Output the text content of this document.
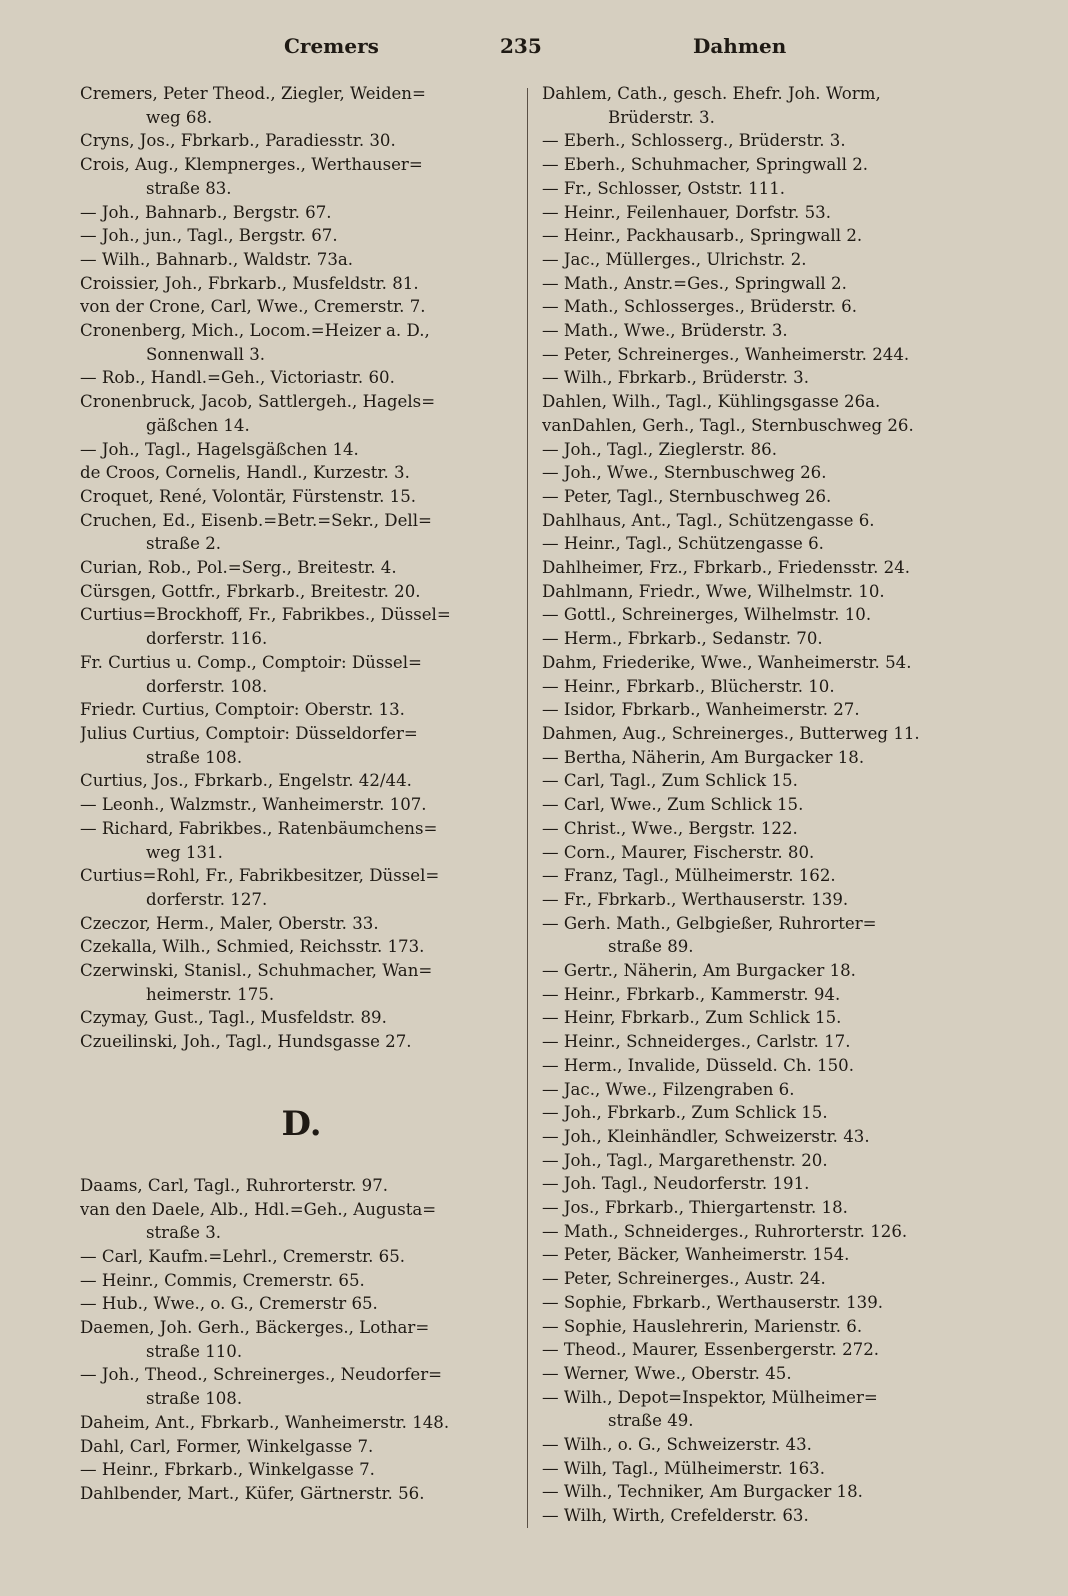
Cremers	235	Dahmen
Cremers, Peter Theod., Ziegler, Weiden=
weg 68.
Cryns, Jos., Fbrkarb., Paradiesstr. 30.
Crois, Aug., Klempnerges., Werthauser=
straße 83.
— Joh., Bahnarb., Bergstr. 67.
— Joh., jun., Tagl., Bergstr. 67.
— Wilh., Bahnarb., Waldstr. 73a.
Croissier, Joh., Fbrkarb., Musfeldstr. 81.
von der Crone, Carl, Wwe., Cremerstr. 7.
Cronenberg, Mich., Locom.=Heizer a. D.,
Sonnenwall 3.
— Rob., Handl.=Geh., Victoriastr. 60.
Cronenbruck, Jacob, Sattlergeh., Hagels=
gäßchen 14.
— Joh., Tagl., Hagelsgäßchen 14.
de Croos, Cornelis, Handl., Kurzestr. 3.
Croquet, René, Volontär, Fürstenstr. 15.
Cruchen, Ed., Eisenb.=Betr.=Sekr., Dell=
straße 2.
Curian, Rob., Pol.=Serg., Breitestr. 4.
Cürsgen, Gottfr., Fbrkarb., Breitestr. 20.
Curtius=Brockhoff, Fr., Fabrikbes., Düssel=
dorferstr. 116.
Fr. Curtius u. Comp., Comptoir: Düssel=
dorferstr. 108.
Friedr. Curtius, Comptoir: Oberstr. 13.
Julius Curtius, Comptoir: Düsseldorfer=
straße 108.
Curtius, Jos., Fbrkarb., Engelstr. 42/44.
— Leonh., Walzmstr., Wanheimerstr. 107.
— Richard, Fabrikbes., Ratenbäumchens=
weg 131.
Curtius=Rohl, Fr., Fabrikbesitzer, Düssel=
dorferstr. 127.
Czeczor, Herm., Maler, Oberstr. 33.
Czekalla, Wilh., Schmied, Reichsstr. 173.
Czerwinski, Stanisl., Schuhmacher, Wan=
heimerstr. 175.
Czymay, Gust., Tagl., Musfeldstr. 89.
Czueilinski, Joh., Tagl., Hundsgasse 27.
D.
Daams, Carl, Tagl., Ruhrorterstr. 97.
van den Daele, Alb., Hdl.=Geh., Augusta=
straße 3.
— Carl, Kaufm.=Lehrl., Cremerstr. 65.
— Heinr., Commis, Cremerstr. 65.
— Hub., Wwe., o. G., Cremerstr 65.
Daemen, Joh. Gerh., Bäckerges., Lothar=
straße 110.
— Joh., Theod., Schreinerges., Neudorfer=
straße 108.
Daheim, Ant., Fbrkarb., Wanheimerstr. 148.
Dahl, Carl, Former, Winkelgasse 7.
— Heinr., Fbrkarb., Winkelgasse 7.
Dahlbender, Mart., Küfer, Gärtnerstr. 56.
Dahlem, Cath., gesch. Ehefr. Joh. Worm,
Brüderstr. 3.
— Eberh., Schlosserg., Brüderstr. 3.
— Eberh., Schuhmacher, Springwall 2.
— Fr., Schlosser, Oststr. 111.
— Heinr., Feilenhauer, Dorfstr. 53.
— Heinr., Packhausarb., Springwall 2.
— Jac., Müllerges., Ulrichstr. 2.
— Math., Anstr.=Ges., Springwall 2.
— Math., Schlosserges., Brüderstr. 6.
— Math., Wwe., Brüderstr. 3.
— Peter, Schreinerges., Wanheimerstr. 244.
— Wilh., Fbrkarb., Brüderstr. 3.
Dahlen, Wilh., Tagl., Kühlingsgasse 26a.
vanDahlen, Gerh., Tagl., Sternbuschweg 26.
— Joh., Tagl., Zieglerstr. 86.
— Joh., Wwe., Sternbuschweg 26.
— Peter, Tagl., Sternbuschweg 26.
Dahlhaus, Ant., Tagl., Schützengasse 6.
— Heinr., Tagl., Schützengasse 6.
Dahlheimer, Frz., Fbrkarb., Friedensstr. 24.
Dahlmann, Friedr., Wwe, Wilhelmstr. 10.
— Gottl., Schreinerges, Wilhelmstr. 10.
— Herm., Fbrkarb., Sedanstr. 70.
Dahm, Friederike, Wwe., Wanheimerstr. 54.
— Heinr., Fbrkarb., Blücherstr. 10.
— Isidor, Fbrkarb., Wanheimerstr. 27.
Dahmen, Aug., Schreinerges., Butterweg 11.
— Bertha, Näherin, Am Burgacker 18.
— Carl, Tagl., Zum Schlick 15.
— Carl, Wwe., Zum Schlick 15.
— Christ., Wwe., Bergstr. 122.
— Corn., Maurer, Fischerstr. 80.
— Franz, Tagl., Mülheimerstr. 162.
— Fr., Fbrkarb., Werthauserstr. 139.
— Gerh. Math., Gelbgießer, Ruhrorter=
straße 89.
— Gertr., Näherin, Am Burgacker 18.
— Heinr., Fbrkarb., Kammerstr. 94.
— Heinr, Fbrkarb., Zum Schlick 15.
— Heinr., Schneiderges., Carlstr. 17.
— Herm., Invalide, Düsseld. Ch. 150.
— Jac., Wwe., Filzengraben 6.
— Joh., Fbrkarb., Zum Schlick 15.
— Joh., Kleinhändler, Schweizerstr. 43.
— Joh., Tagl., Margarethenstr. 20.
— Joh. Tagl., Neudorferstr. 191.
— Jos., Fbrkarb., Thiergartenstr. 18.
— Math., Schneiderges., Ruhrorterstr. 126.
— Peter, Bäcker, Wanheimerstr. 154.
— Peter, Schreinerges., Austr. 24.
— Sophie, Fbrkarb., Werthauserstr. 139.
— Sophie, Hauslehrerin, Marienstr. 6.
— Theod., Maurer, Essenbergerstr. 272.
— Werner, Wwe., Oberstr. 45.
— Wilh., Depot=Inspektor, Mülheimer=
straße 49.
— Wilh., o. G., Schweizerstr. 43.
— Wilh, Tagl., Mülheimerstr. 163.
— Wilh., Techniker, Am Burgacker 18.
— Wilh, Wirth, Crefelderstr. 63.
